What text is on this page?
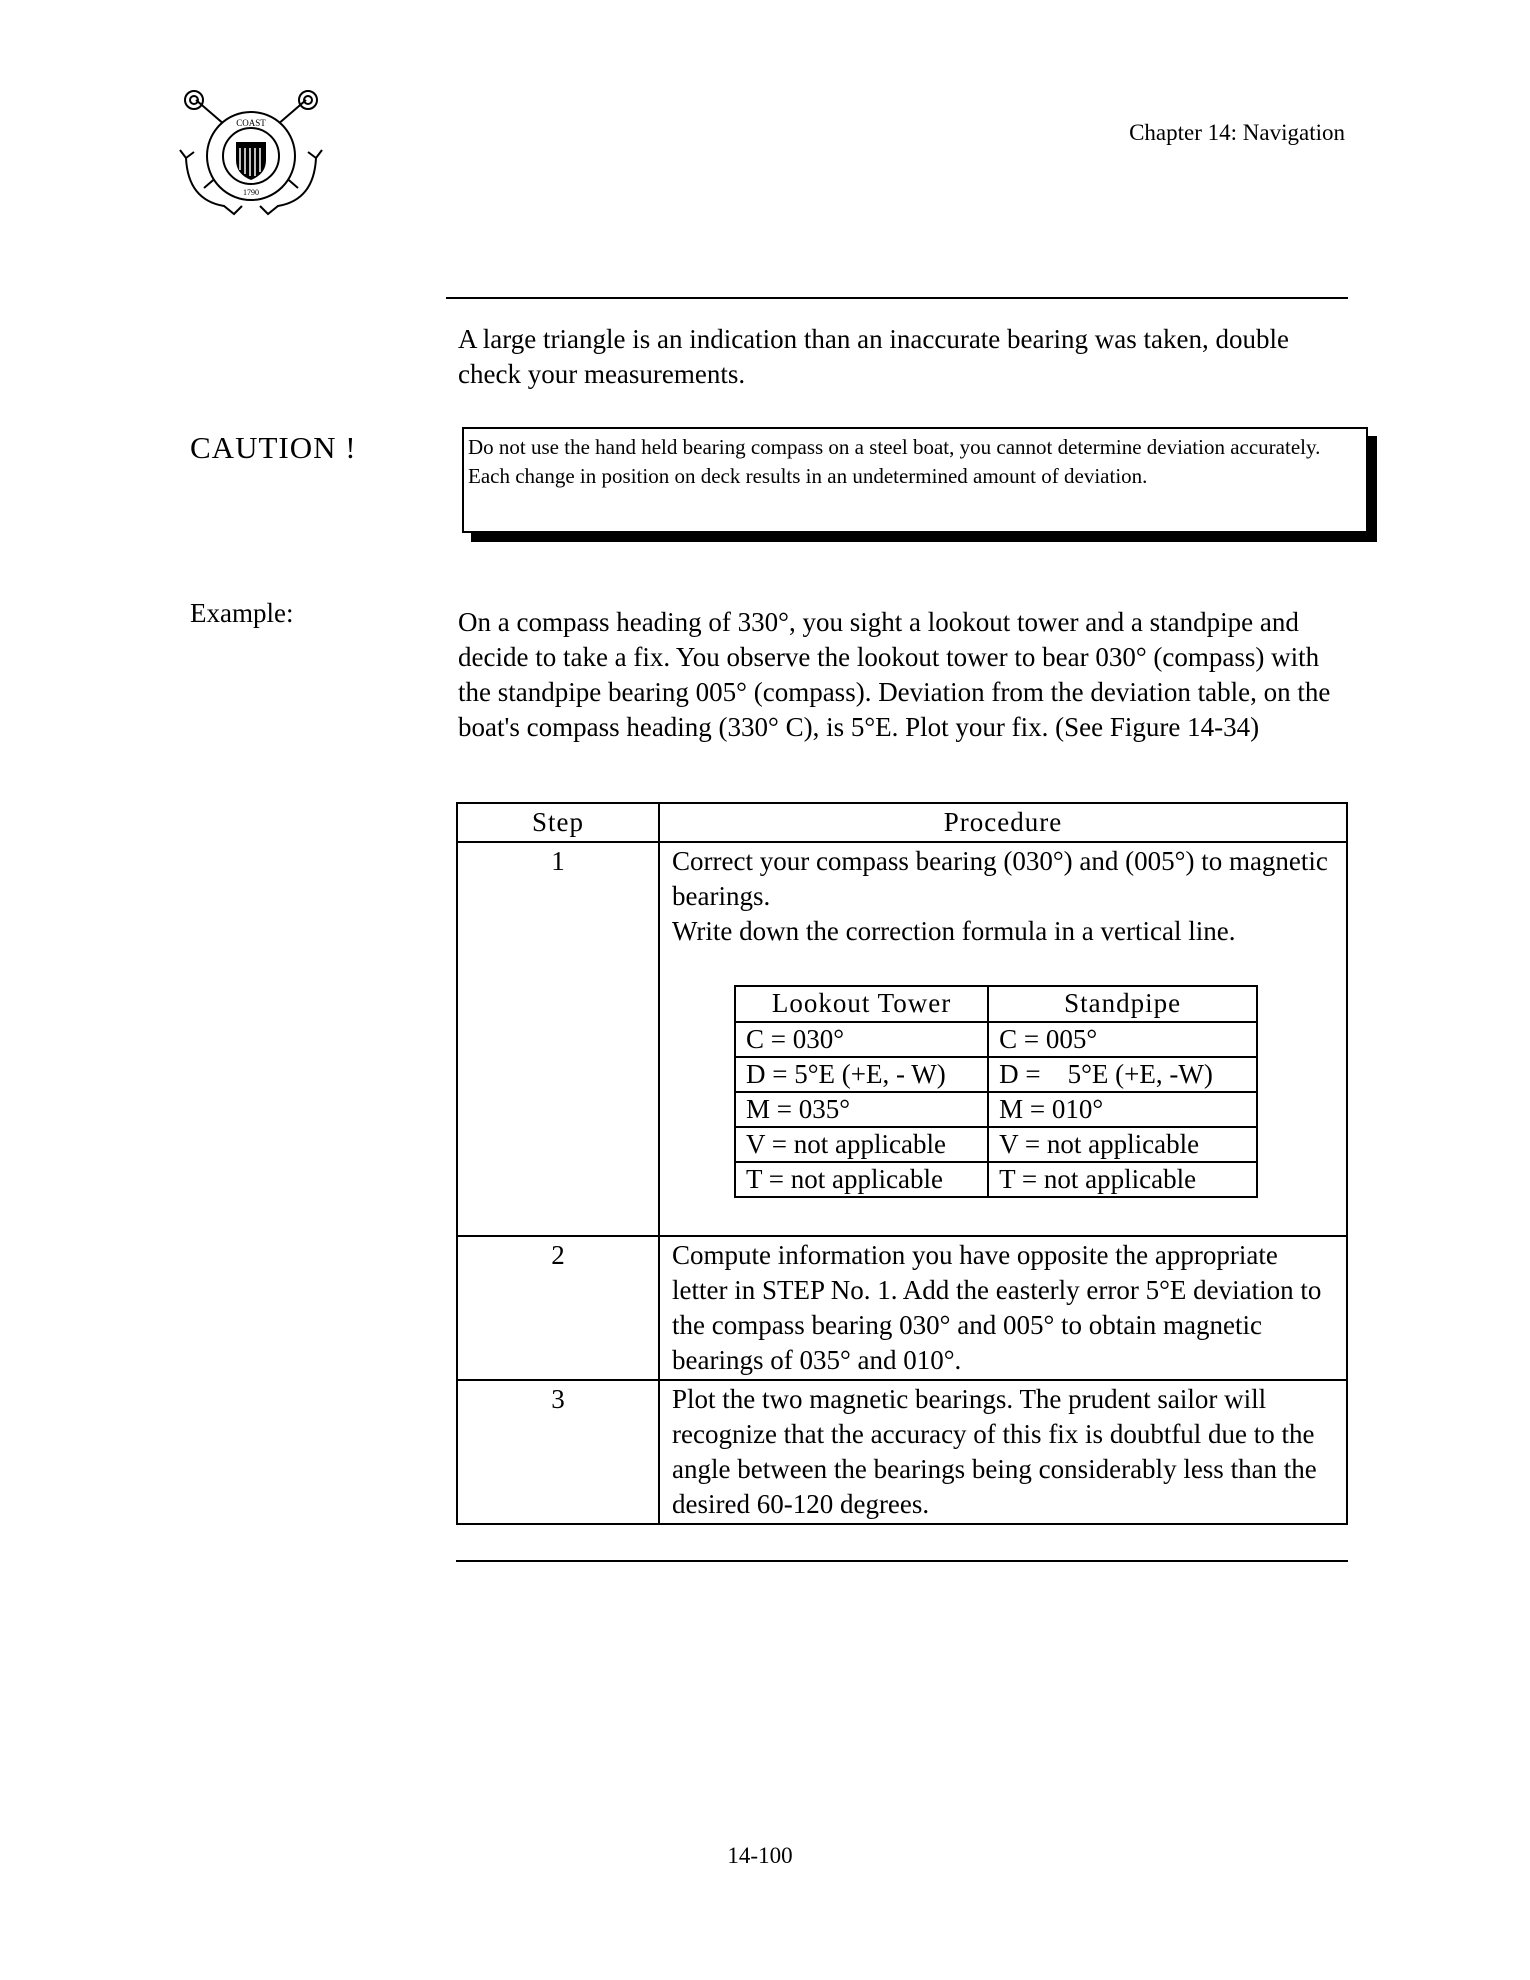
COAST
1790
Chapter 14: Navigation
A large triangle is an indication than an inaccurate bearing was taken, double check your measurements.
CAUTION !	Do not use the hand held bearing compass on a steel boat, you cannot determine deviation accurately. Each change in position on deck results in an undetermined amount of deviation.
Example:	On a compass heading of 330°, you sight a lookout tower and a standpipe and decide to take a fix. You observe the lookout tower to bear 030° (compass) with the standpipe bearing 005° (compass). Deviation from the deviation table, on the boat's compass heading (330° C), is 5°E. Plot your fix. (See Figure 14-34)
Step	Procedure
1	Correct your compass bearing (030°) and (005°) to magnetic bearings.
Write down the correction formula in a vertical line.
Lookout Tower	Standpipe
C = 030°	C = 005°
D = 5°E (+E, - W)	D =    5°E (+E, -W)
M = 035°	M = 010°
V = not applicable	V = not applicable
T = not applicable	T = not applicable

2	Compute information you have opposite the appropriate letter in STEP No. 1. Add the easterly error 5°E deviation to the compass bearing 030° and 005° to obtain magnetic bearings of 035° and 010°.
3	Plot the two magnetic bearings. The prudent sailor will recognize that the accuracy of this fix is doubtful due to the angle between the bearings being considerably less than the desired 60-120 degrees.
14-100
